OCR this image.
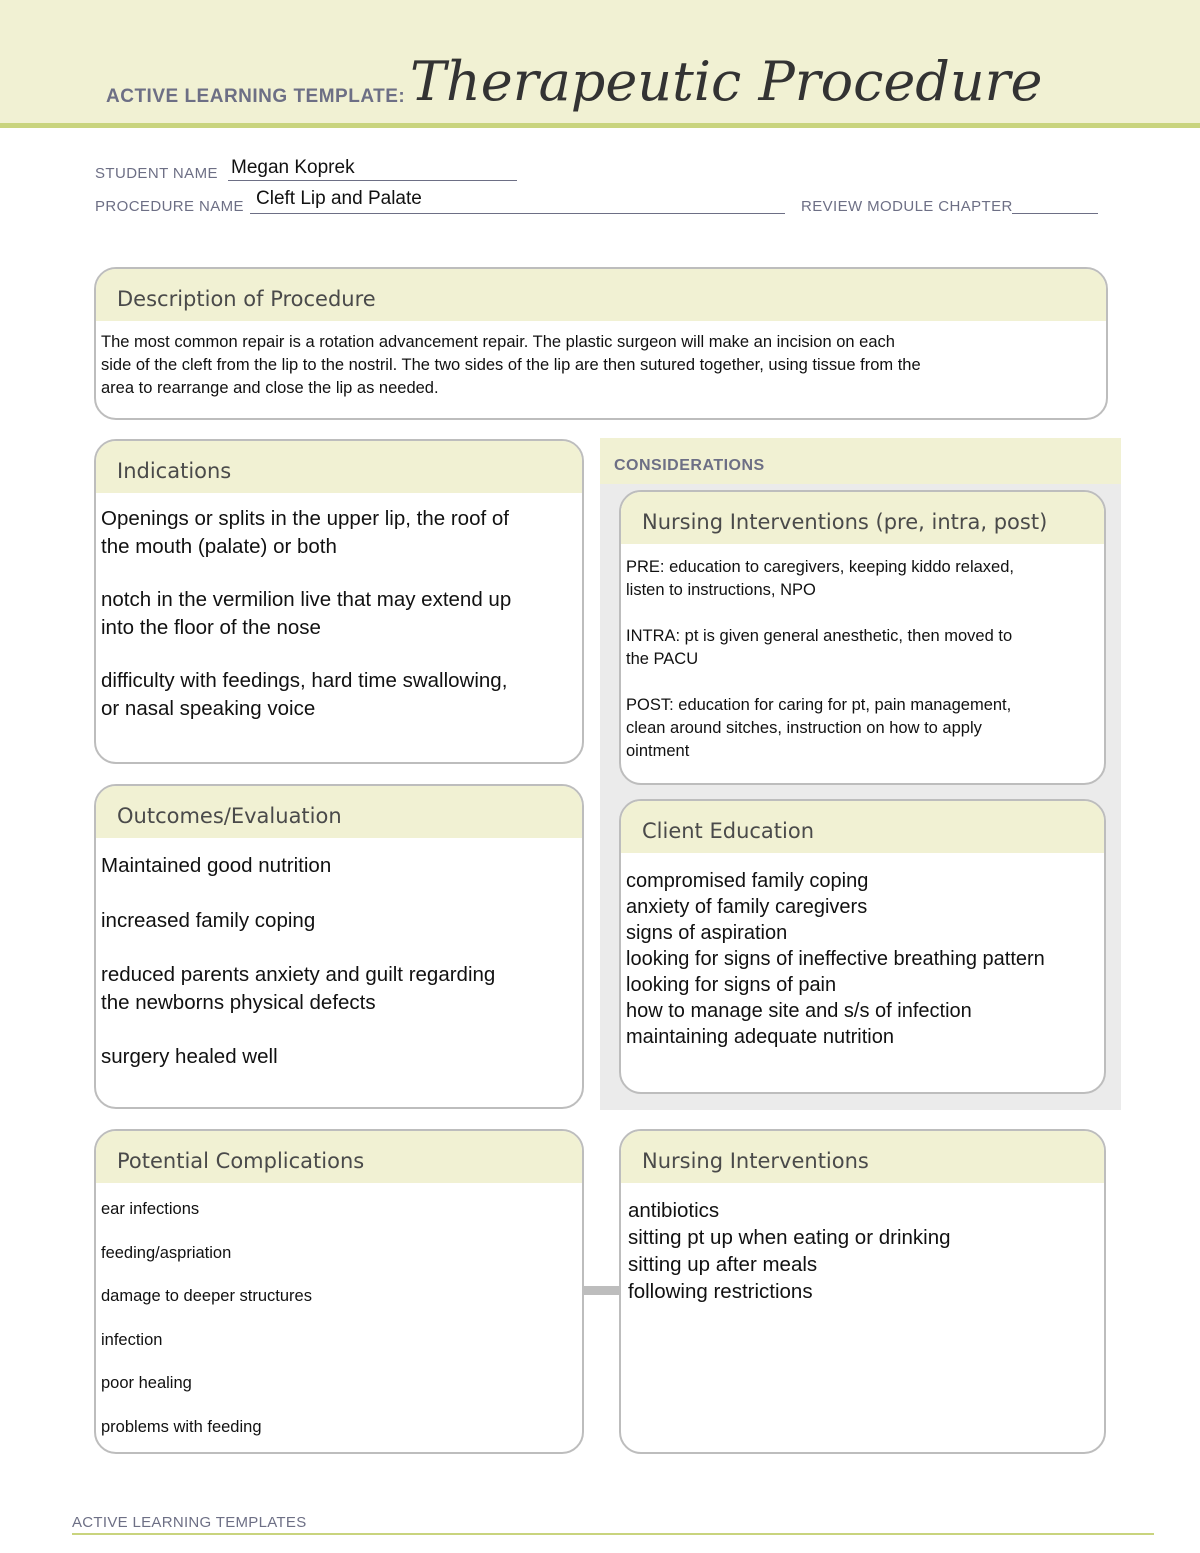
ACTIVE LEARNING TEMPLATE: Therapeutic Procedure
STUDENT NAME Megan Koprek
PROCEDURE NAME Cleft Lip and Palate	REVIEW MODULE CHAPTER
Description of Procedure
The most common repair is a rotation advancement repair. The plastic surgeon will make an incision on each
side of the cleft from the lip to the nostril. The two sides of the lip are then sutured together, using tissue from the
area to rearrange and close the lip as needed.
Indications
Openings or splits in the upper lip, the roof of
the mouth (palate) or both
notch in the vermilion live that may extend up
into the floor of the nose
difficulty with feedings, hard time swallowing,
or nasal speaking voice
CONSIDERATIONS
Nursing Interventions (pre, intra, post)
PRE: education to caregivers, keeping kiddo relaxed,
listen to instructions, NPO
INTRA: pt is given general anesthetic, then moved to
the PACU
POST: education for caring for pt, pain management,
clean around sitches, instruction on how to apply
ointment
Outcomes/Evaluation
Maintained good nutrition
increased family coping
reduced parents anxiety and guilt regarding
the newborns physical defects
surgery healed well
Client Education
compromised family coping
anxiety of family caregivers
signs of aspiration
looking for signs of ineffective breathing pattern
looking for signs of pain
how to manage site and s/s of infection
maintaining adequate nutrition
Potential Complications
ear infections
feeding/aspriation
damage to deeper structures
infection
poor healing
problems with feeding
Nursing Interventions
antibiotics
sitting pt up when eating or drinking
sitting up after meals
following restrictions
ACTIVE LEARNING TEMPLATES
